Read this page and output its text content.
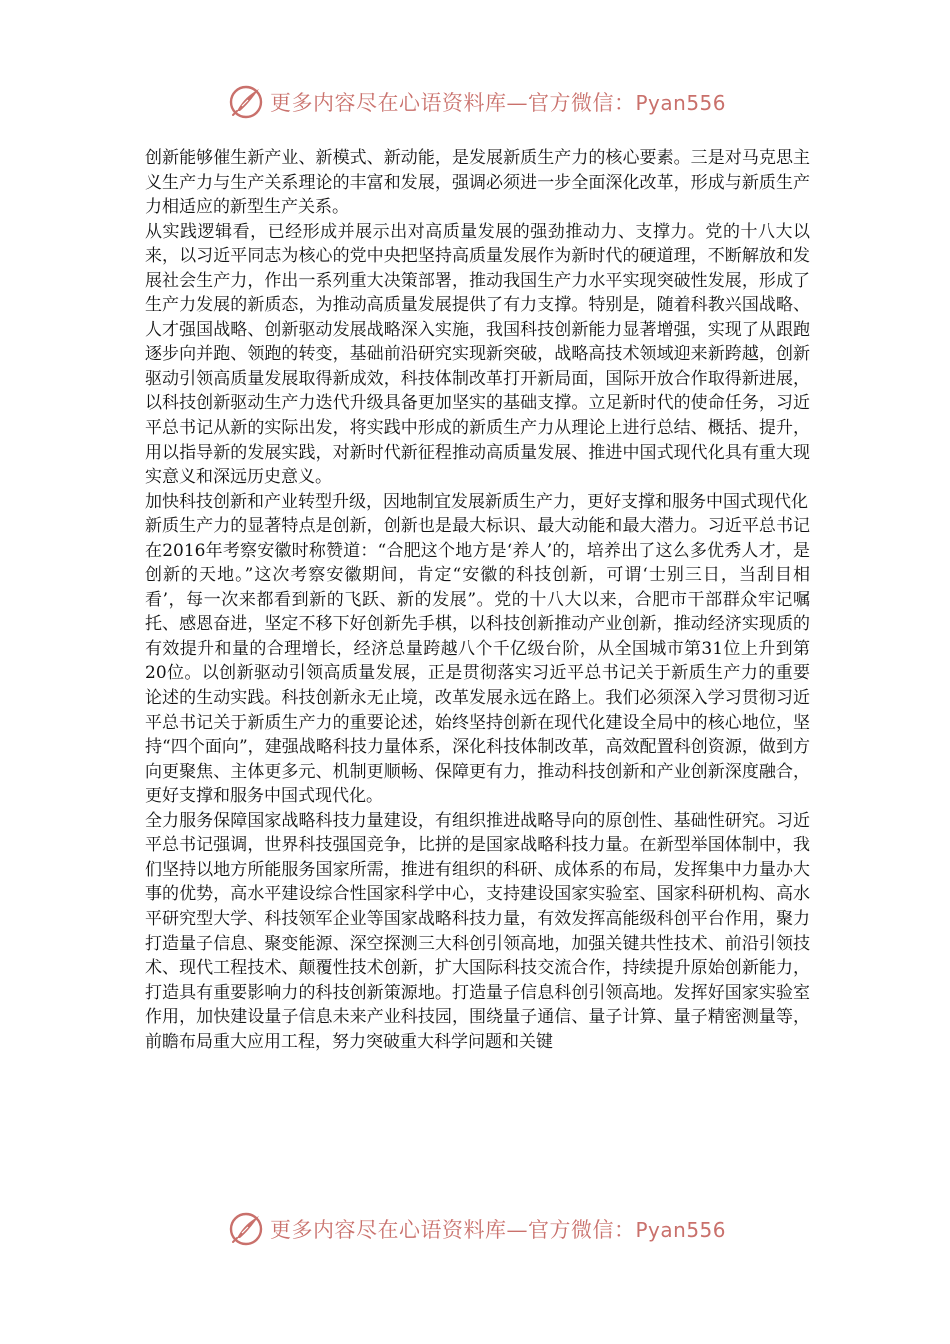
更多内容尽在心语资料库—官方微信：Pyan556

创新能够催生新产业、新模式、新动能，是发展新质生产力的核心要素。三是对马克思主义生产力与生产关系理论的丰富和发展，强调必须进一步全面深化改革，形成与新质生产力相适应的新型生产关系。

从实践逻辑看，已经形成并展示出对高质量发展的强劲推动力、支撑力。党的十八大以来，以习近平同志为核心的党中央把坚持高质量发展作为新时代的硬道理，不断解放和发展社会生产力，作出一系列重大决策部署，推动我国生产力水平实现突破性发展，形成了生产力发展的新质态，为推动高质量发展提供了有力支撑。特别是，随着科教兴国战略、人才强国战略、创新驱动发展战略深入实施，我国科技创新能力显著增强，实现了从跟跑逐步向并跑、领跑的转变，基础前沿研究实现新突破，战略高技术领域迎来新跨越，创新驱动引领高质量发展取得新成效，科技体制改革打开新局面，国际开放合作取得新进展，以科技创新驱动生产力迭代升级具备更加坚实的基础支撑。立足新时代的使命任务，习近平总书记从新的实际出发，将实践中形成的新质生产力从理论上进行总结、概括、提升，用以指导新的发展实践，对新时代新征程推动高质量发展、推进中国式现代化具有重大现实意义和深远历史意义。

加快科技创新和产业转型升级，因地制宜发展新质生产力，更好支撑和服务中国式现代化

新质生产力的显著特点是创新，创新也是最大标识、最大动能和最大潜力。习近平总书记在2016年考察安徽时称赞道：“合肥这个地方是‘养人’的，培养出了这么多优秀人才，是创新的天地。”这次考察安徽期间，肯定“安徽的科技创新，可谓‘士别三日，当刮目相看’，每一次来都看到新的飞跃、新的发展”。党的十八大以来，合肥市干部群众牢记嘱托、感恩奋进，坚定不移下好创新先手棋，以科技创新推动产业创新，推动经济实现质的有效提升和量的合理增长，经济总量跨越八个千亿级台阶，从全国城市第31位上升到第20位。以创新驱动引领高质量发展，正是贯彻落实习近平总书记关于新质生产力的重要论述的生动实践。科技创新永无止境，改革发展永远在路上。我们必须深入学习贯彻习近平总书记关于新质生产力的重要论述，始终坚持创新在现代化建设全局中的核心地位，坚持“四个面向”，建强战略科技力量体系，深化科技体制改革，高效配置科创资源，做到方向更聚焦、主体更多元、机制更顺畅、保障更有力，推动科技创新和产业创新深度融合，更好支撑和服务中国式现代化。

全力服务保障国家战略科技力量建设，有组织推进战略导向的原创性、基础性研究。习近平总书记强调，世界科技强国竞争，比拼的是国家战略科技力量。在新型举国体制中，我们坚持以地方所能服务国家所需，推进有组织的科研、成体系的布局，发挥集中力量办大事的优势，高水平建设综合性国家科学中心，支持建设国家实验室、国家科研机构、高水平研究型大学、科技领军企业等国家战略科技力量，有效发挥高能级科创平台作用，聚力打造量子信息、聚变能源、深空探测三大科创引领高地，加强关键共性技术、前沿引领技术、现代工程技术、颠覆性技术创新，扩大国际科技交流合作，持续提升原始创新能力，打造具有重要影响力的科技创新策源地。打造量子信息科创引领高地。发挥好国家实验室作用，加快建设量子信息未来产业科技园，围绕量子通信、量子计算、量子精密测量等，前瞻布局重大应用工程，努力突破重大科学问题和关键

更多内容尽在心语资料库—官方微信：Pyan556
